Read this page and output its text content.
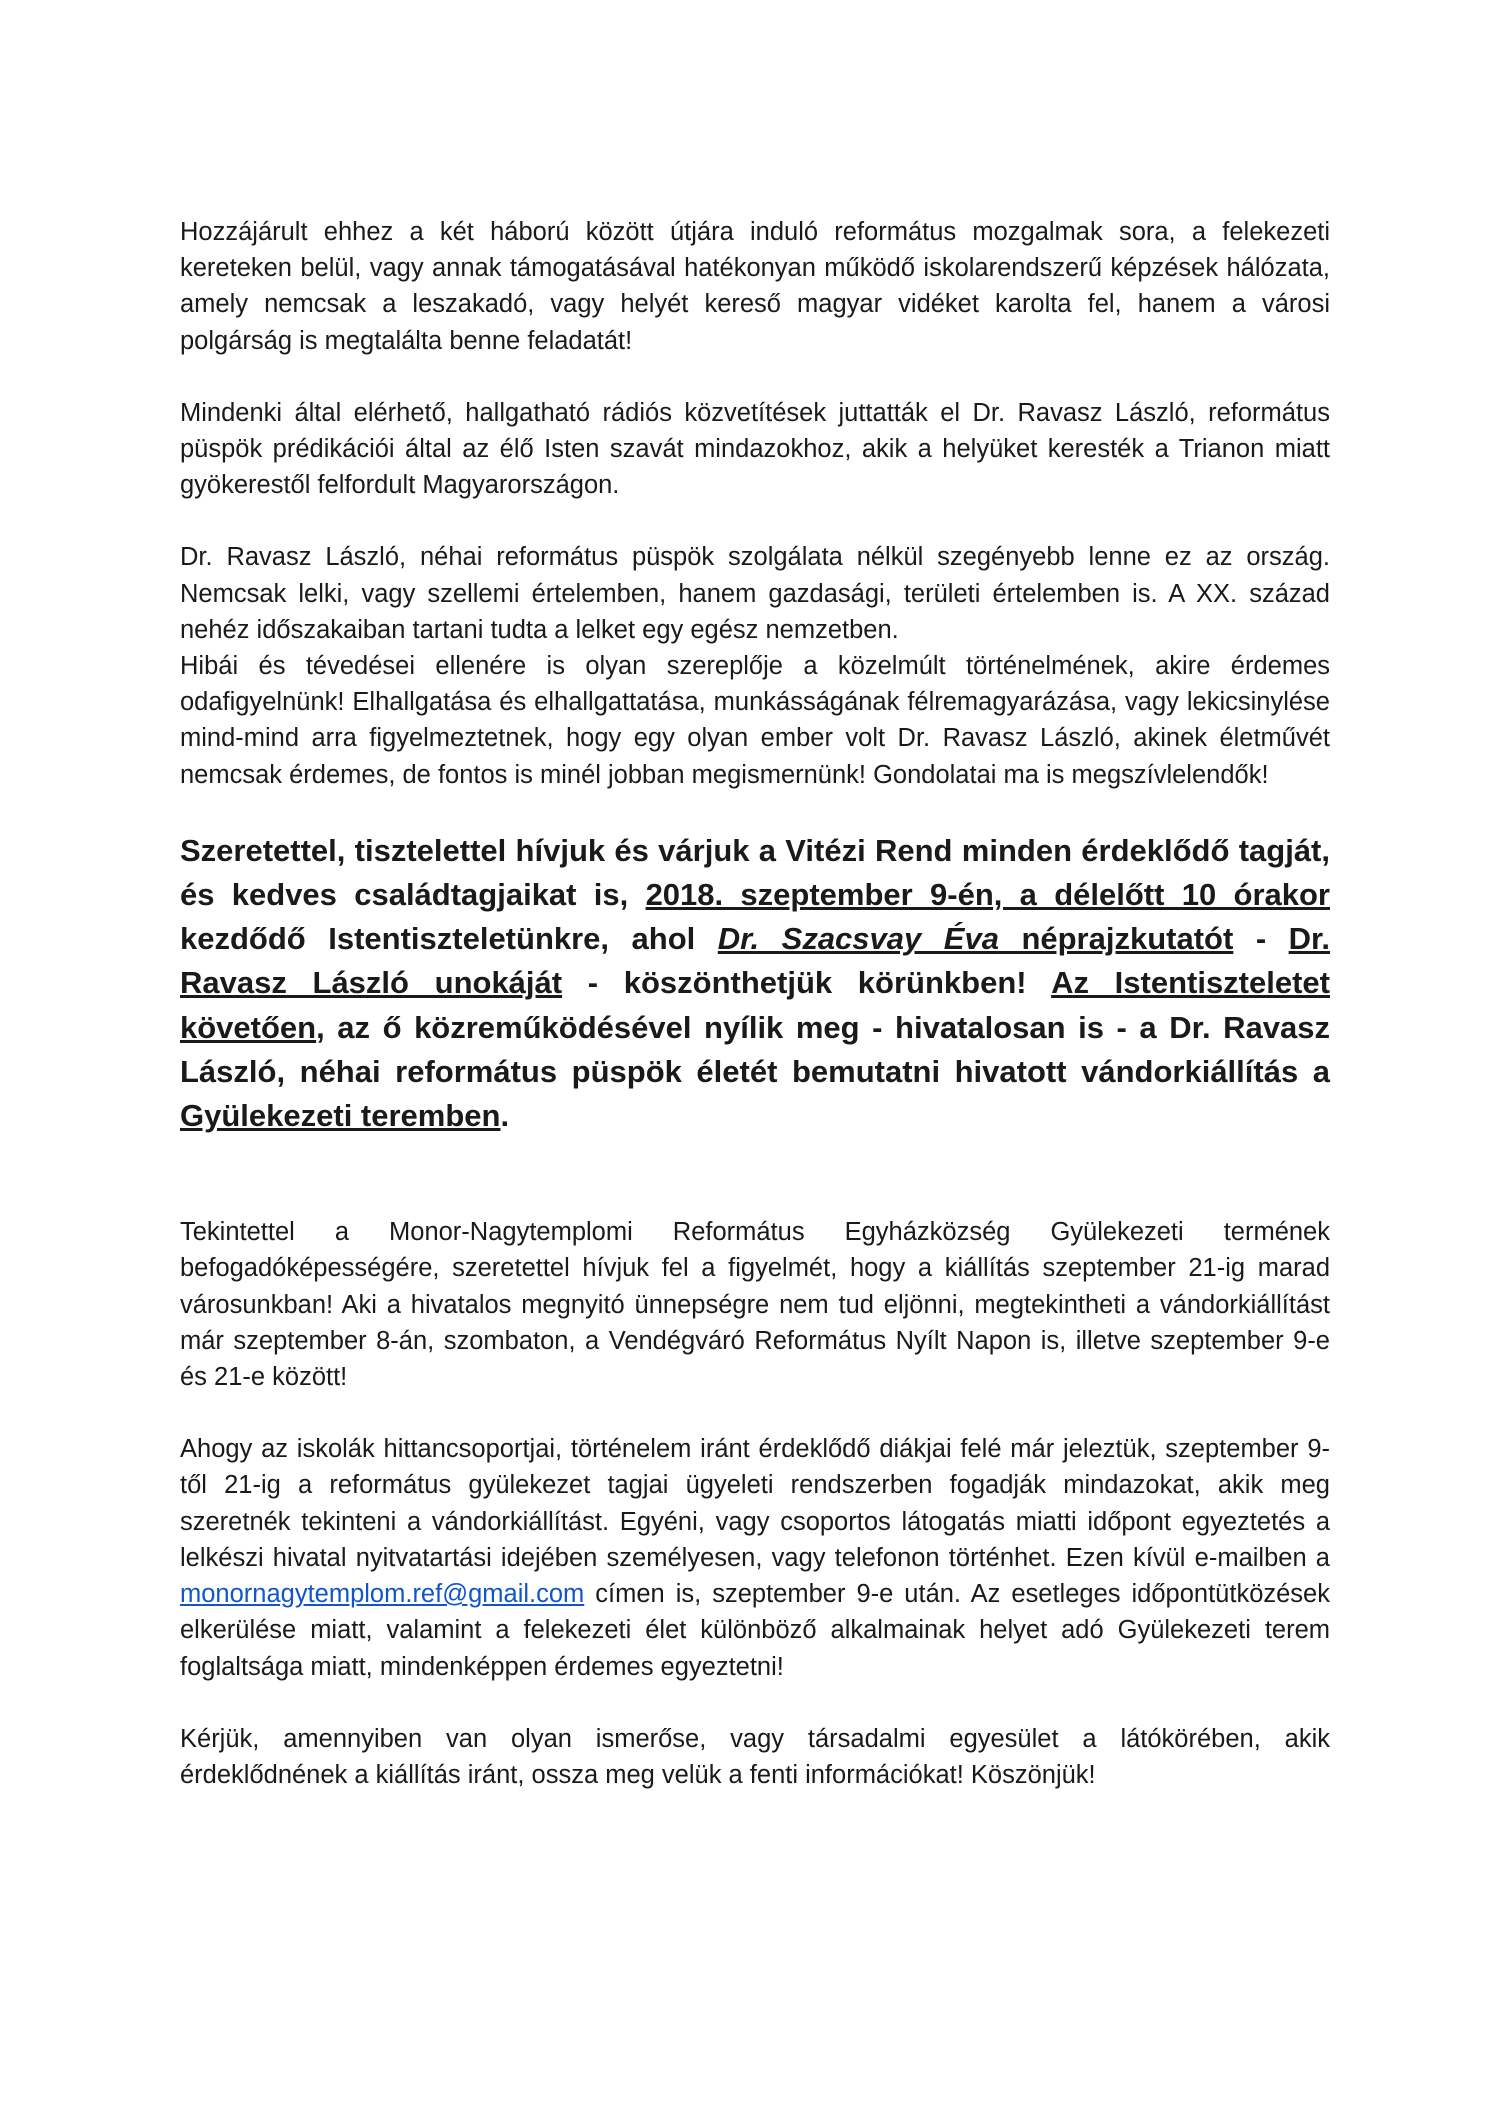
Hozzájárult ehhez a két háború között útjára induló református mozgalmak sora, a felekezeti kereteken belül, vagy annak támogatásával hatékonyan működő iskolarendszerű képzések hálózata, amely nemcsak a leszakadó, vagy helyét kereső magyar vidéket karolta fel, hanem a városi polgárság is megtalálta benne feladatát!

Mindenki által elérhető, hallgatható rádiós közvetítések juttatták el Dr. Ravasz László, református püspök prédikációi által az élő Isten szavát mindazokhoz, akik a helyüket keresték a Trianon miatt gyökerestől felfordult Magyarországon.

Dr. Ravasz László, néhai református püspök szolgálata nélkül szegényebb lenne ez az ország. Nemcsak lelki, vagy szellemi értelemben, hanem gazdasági, területi értelemben is. A XX. század nehéz időszakaiban tartani tudta a lelket egy egész nemzetben.

Hibái és tévedései ellenére is olyan szereplője a közelmúlt történelmének, akire érdemes odafigyelnünk! Elhallgatása és elhallgattatása, munkásságának félremagyarázása, vagy lekicsinylése mind-mind arra figyelmeztetnek, hogy egy olyan ember volt Dr. Ravasz László, akinek életművét nemcsak érdemes, de fontos is minél jobban megismernünk! Gondolatai ma is megszívlelendők!

Szeretettel, tisztelettel hívjuk és várjuk a Vitézi Rend minden érdeklődő tagját, és kedves családtagjaikat is, 2018. szeptember 9-én, a délelőtt 10 órakor kezdődő Istentiszteletünkre, ahol Dr. Szacsvay Éva néprajzkutatót - Dr. Ravasz László unokáját - köszönthetjük körünkben! Az Istentiszteletet követően, az ő közreműködésével nyílik meg - hivatalosan is - a Dr. Ravasz László, néhai református püspök életét bemutatni hivatott vándorkiállítás a Gyülekezeti teremben.

Tekintettel a Monor-Nagytemplomi Református Egyházközség Gyülekezeti termének befogadóképességére, szeretettel hívjuk fel a figyelmét, hogy a kiállítás szeptember 21-ig marad városunkban! Aki a hivatalos megnyitó ünnepségre nem tud eljönni, megtekintheti a vándorkiállítást már szeptember 8-án, szombaton, a Vendégváró Református Nyílt Napon is, illetve szeptember 9-e és 21-e között!

Ahogy az iskolák hittancsoportjai, történelem iránt érdeklődő diákjai felé már jeleztük, szeptember 9-től 21-ig a református gyülekezet tagjai ügyeleti rendszerben fogadják mindazokat, akik meg szeretnék tekinteni a vándorkiállítást. Egyéni, vagy csoportos látogatás miatti időpont egyeztetés a lelkészi hivatal nyitvatartási idejében személyesen, vagy telefonon történhet. Ezen kívül e-mailben a monornagytemplom.ref@gmail.com címen is, szeptember 9-e után. Az esetleges időpontütközések elkerülése miatt, valamint a felekezeti élet különböző alkalmainak helyet adó Gyülekezeti terem foglaltsága miatt, mindenképpen érdemes egyeztetni!

Kérjük, amennyiben van olyan ismerőse, vagy társadalmi egyesület a látókörében, akik érdeklődnének a kiállítás iránt, ossza meg velük a fenti információkat! Köszönjük!
